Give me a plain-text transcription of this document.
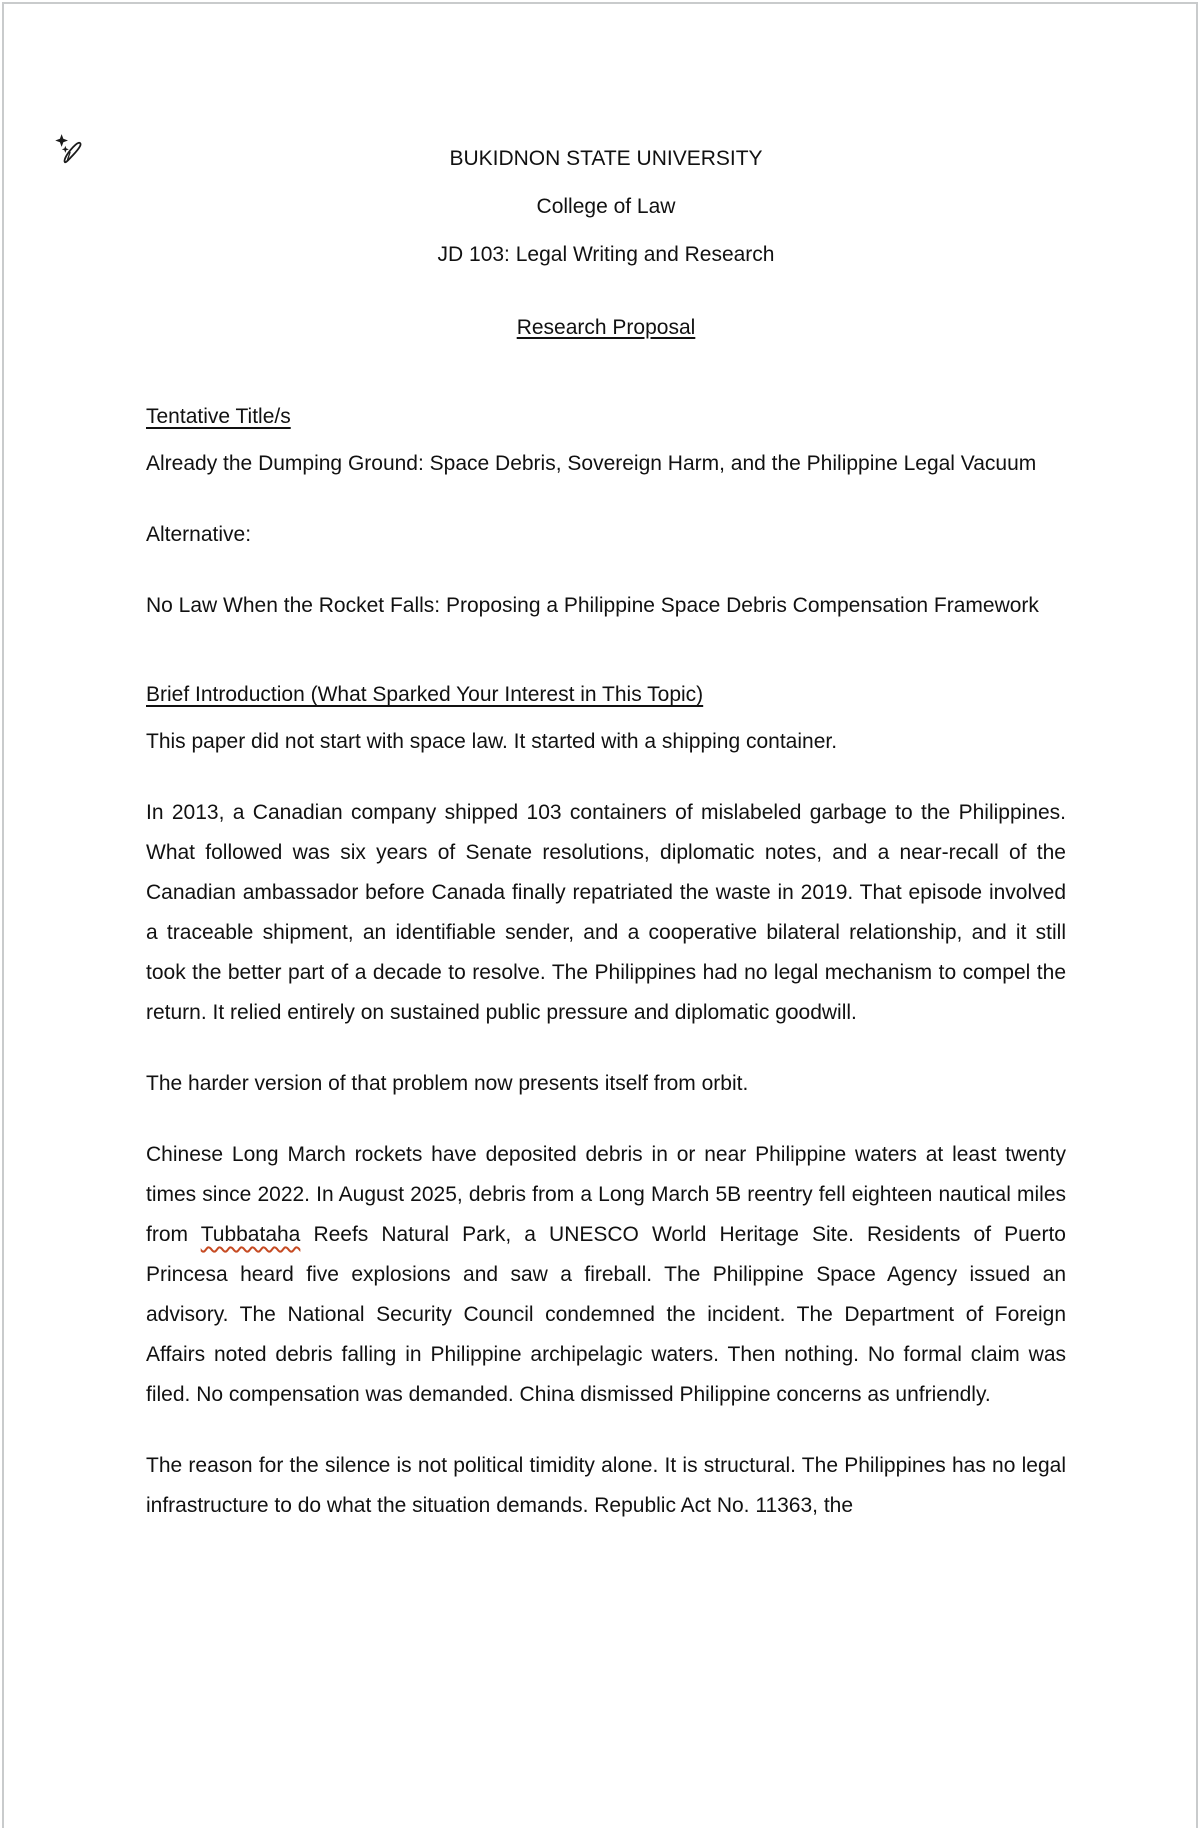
BUKIDNON STATE UNIVERSITY

College of Law

JD 103: Legal Writing and Research

Research Proposal

Tentative Title/s

Already the Dumping Ground: Space Debris, Sovereign Harm, and the Philippine Legal Vacuum

Alternative:

No Law When the Rocket Falls: Proposing a Philippine Space Debris Compensation Framework

Brief Introduction (What Sparked Your Interest in This Topic)

This paper did not start with space law. It started with a shipping container.

In 2013, a Canadian company shipped 103 containers of mislabeled garbage to the Philippines. What followed was six years of Senate resolutions, diplomatic notes, and a near-recall of the Canadian ambassador before Canada finally repatriated the waste in 2019. That episode involved a traceable shipment, an identifiable sender, and a cooperative bilateral relationship, and it still took the better part of a decade to resolve. The Philippines had no legal mechanism to compel the return. It relied entirely on sustained public pressure and diplomatic goodwill.

The harder version of that problem now presents itself from orbit.

Chinese Long March rockets have deposited debris in or near Philippine waters at least twenty times since 2022. In August 2025, debris from a Long March 5B reentry fell eighteen nautical miles from Tubbataha Reefs Natural Park, a UNESCO World Heritage Site. Residents of Puerto Princesa heard five explosions and saw a fireball. The Philippine Space Agency issued an advisory. The National Security Council condemned the incident. The Department of Foreign Affairs noted debris falling in Philippine archipelagic waters. Then nothing. No formal claim was filed. No compensation was demanded. China dismissed Philippine concerns as unfriendly.

The reason for the silence is not political timidity alone. It is structural. The Philippines has no legal infrastructure to do what the situation demands. Republic Act No. 11363, the
